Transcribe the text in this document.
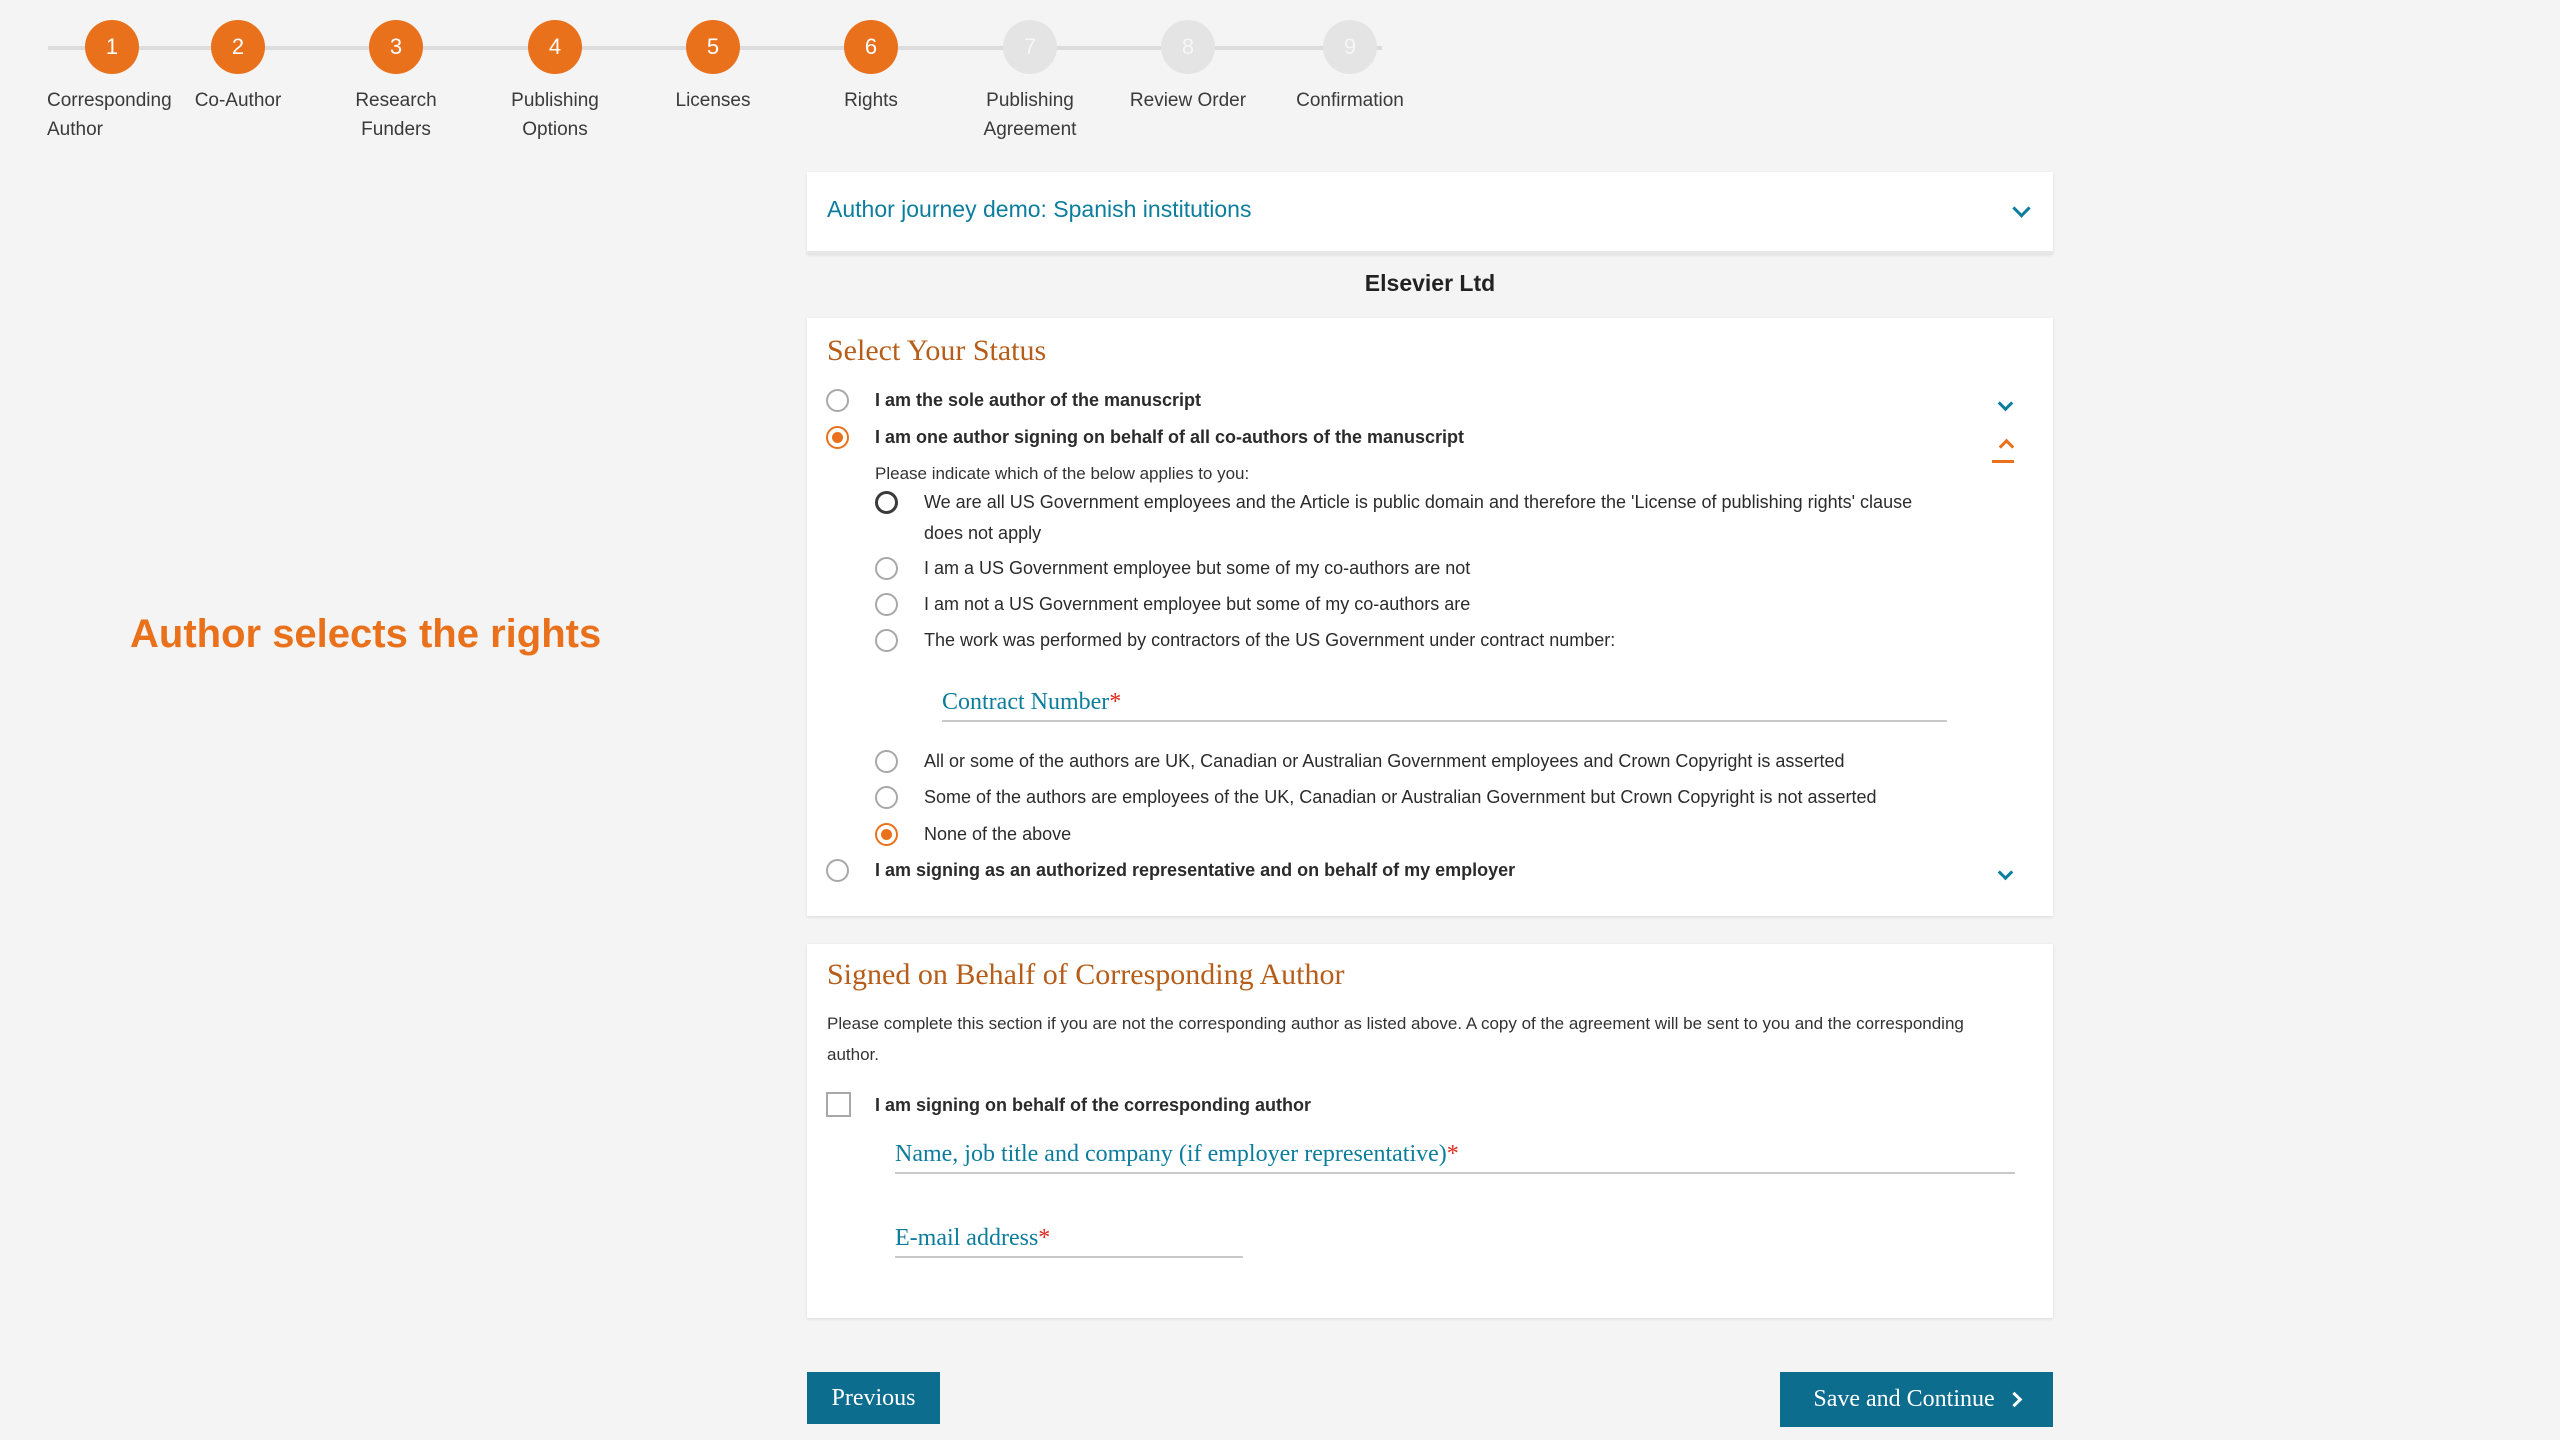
1
Corresponding
Author
2
Co-Author
3
Research
Funders
4
Publishing
Options
5
Licenses
6
Rights
7
Publishing
Agreement
8
Review Order
9
Confirmation
Author selects the rights
Author journey demo: Spanish institutions
Elsevier Ltd
Select Your Status
I am the sole author of the manuscript
I am one author signing on behalf of all co-authors of the manuscript
Please indicate which of the below applies to you:
We are all US Government employees and the Article is public domain and therefore the 'License of publishing rights' clause does not apply
I am a US Government employee but some of my co-authors are not
I am not a US Government employee but some of my co-authors are
The work was performed by contractors of the US Government under contract number:
Contract Number*
All or some of the authors are UK, Canadian or Australian Government employees and Crown Copyright is asserted
Some of the authors are employees of the UK, Canadian or Australian Government but Crown Copyright is not asserted
None of the above
I am signing as an authorized representative and on behalf of my employer
Signed on Behalf of Corresponding Author
Please complete this section if you are not the corresponding author as listed above. A copy of the agreement will be sent to you and the corresponding author.
I am signing on behalf of the corresponding author
Name, job title and company (if employer representative)*
E-mail address*
Previous	Save and Continue
